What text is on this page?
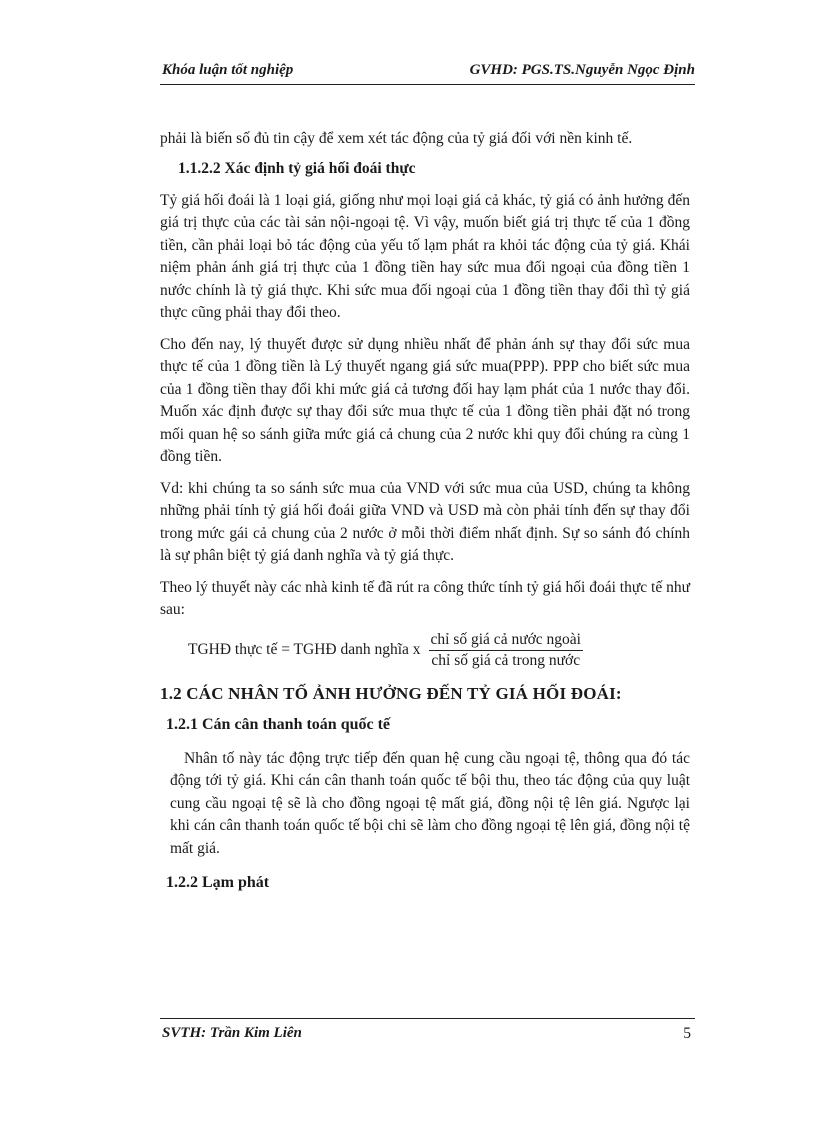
Khóa luận tốt nghiệp	GVHD: PGS.TS.Nguyễn Ngọc Định

phải là biến số đủ tin cậy để xem xét tác động của tỷ giá đối với nền kinh tế.

1.1.2.2 Xác định tỷ giá hối đoái thực

Tỷ giá hối đoái là 1 loại giá, giống như mọi loại giá cả khác, tỷ giá có ảnh hưởng đến giá trị thực của các tài sản nội-ngoại tệ. Vì vậy, muốn biết giá trị thực tế của 1 đồng tiền, cần phải loại bỏ tác động của yếu tố lạm phát ra khỏi tác động của tỷ giá. Khái niệm phản ánh giá trị thực của 1 đồng tiền hay sức mua đối ngoại của đồng tiền 1 nước chính là tỷ giá thực. Khi sức mua đối ngoại của 1 đồng tiền thay đổi thì tỷ giá thực cũng phải thay đổi theo.

Cho đến nay, lý thuyết được sử dụng nhiều nhất để phản ánh sự thay đổi sức mua thực tế của 1 đồng tiền là Lý thuyết ngang giá sức mua(PPP). PPP cho biết sức mua của 1 đồng tiền thay đổi khi mức giá cả tương đối hay lạm phát của 1 nước thay đổi. Muốn xác định được sự thay đổi sức mua thực tế của 1 đồng tiền phải đặt nó trong mối quan hệ so sánh giữa mức giá cả chung của 2 nước khi quy đổi chúng ra cùng 1 đồng tiền.

Vd: khi chúng ta so sánh sức mua của VND với sức mua của USD, chúng ta không những phải tính tỷ giá hối đoái giữa VND và USD mà còn phải tính đến sự thay đổi trong mức gái cả chung của 2 nước ở mỗi thời điểm nhất định. Sự so sánh đó chính là sự phân biệt tỷ giá danh nghĩa và tỷ giá thực.

Theo lý thuyết này các nhà kinh tế đã rút ra công thức tính tỷ giá hối đoái thực tế như sau:

TGHĐ thực tế = TGHĐ danh nghĩa x $\frac{\text{chỉ số giá cả nước ngoài}}{\text{chỉ số giá cả trong nước}}$
1.2 CÁC NHÂN TỐ ẢNH HƯỞNG ĐẾN TỶ GIÁ HỐI ĐOÁI:
1.2.1 Cán cân thanh toán quốc tế

Nhân tố này tác động trực tiếp đến quan hệ cung cầu ngoại tệ, thông qua đó tác động tới tỷ giá. Khi cán cân thanh toán quốc tế bội thu, theo tác động của quy luật cung cầu ngoại tệ sẽ là cho đồng ngoại tệ mất giá, đồng nội tệ lên giá. Ngược lại khi cán cân thanh toán quốc tế bội chi sẽ làm cho đồng ngoại tệ lên giá, đồng nội tệ mất giá.

1.2.2 Lạm phát
SVTH: Trần Kim Liên	5
